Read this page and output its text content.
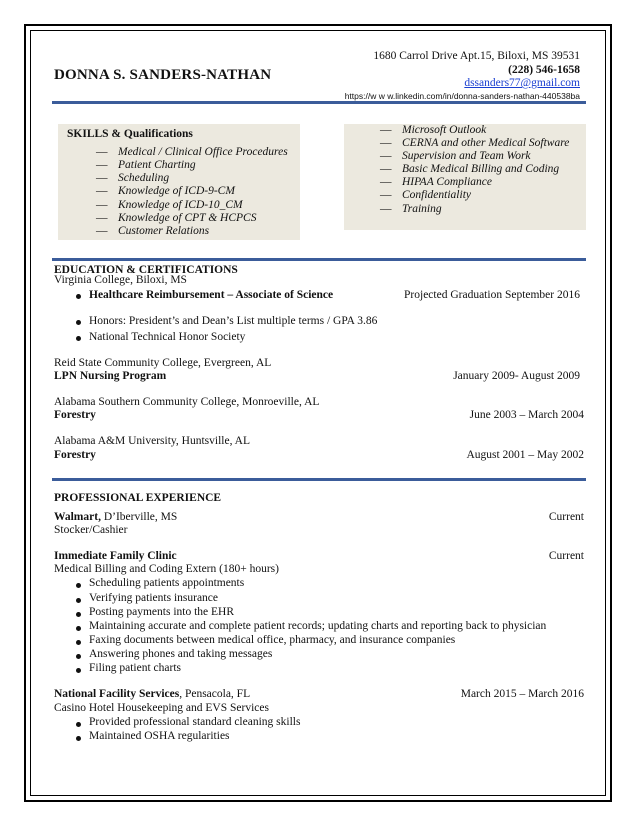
DONNA S. SANDERS-NATHAN
1680 Carrol Drive Apt.15, Biloxi, MS 39531
(228) 546-1658
dssanders77@gmail.com
https://w w w.linkedin.com/in/donna-sanders-nathan-440538ba
SKILLS & Qualifications
— Medical / Clinical Office Procedures
— Patient Charting
— Scheduling
— Knowledge of ICD-9-CM
— Knowledge of ICD-10_CM
— Knowledge of CPT & HCPCS
— Customer Relations
— Microsoft Outlook
— CERNA and other Medical Software
— Supervision and Team Work
— Basic Medical Billing and Coding
— HIPAA Compliance
— Confidentiality
— Training
EDUCATION & CERTIFICATIONS
Virginia College, Biloxi, MS
Healthcare Reimbursement – Associate of Science	Projected Graduation September 2016
Honors: President’s and Dean’s List multiple terms / GPA 3.86
National Technical Honor Society
Reid State Community College, Evergreen, AL
LPN Nursing Program	January 2009- August 2009
Alabama Southern Community College, Monroeville, AL
Forestry	June 2003 – March 2004
Alabama A&M University, Huntsville, AL
Forestry	August 2001 – May 2002
PROFESSIONAL EXPERIENCE
Walmart, D’Iberville, MS	Current
Stocker/Cashier
Immediate Family Clinic	Current
Medical Billing and Coding Extern (180+ hours)
Scheduling patients appointments
Verifying patients insurance
Posting payments into the EHR
Maintaining accurate and complete patient records; updating charts and reporting back to physician
Faxing documents between medical office, pharmacy, and insurance companies
Answering phones and taking messages
Filing patient charts
National Facility Services, Pensacola, FL	March 2015 – March 2016
Casino Hotel Housekeeping and EVS Services
Provided professional standard cleaning skills
Maintained OSHA regularities
